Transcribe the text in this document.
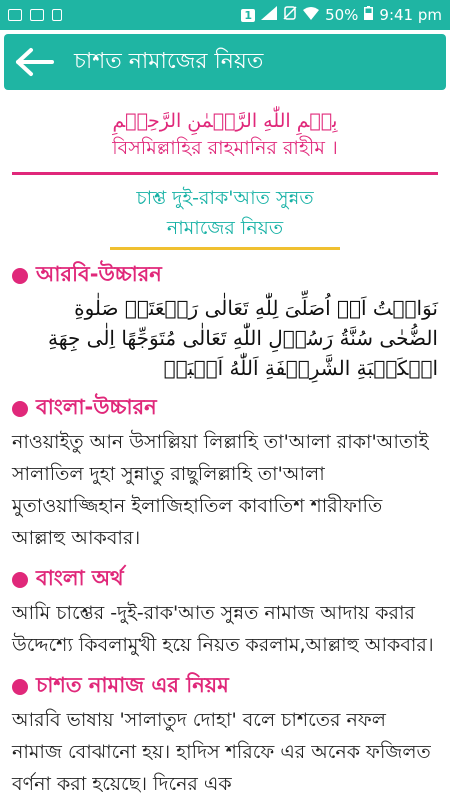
1	50% 9:41 pm
চাশত নামাজের নিয়ত
بِسۡمِ اللّٰهِ الرَّحۡمٰنِ الرَّحِیۡمِ
বিসমিল্লাহির রাহমানির রাহীম ।
চাশ্ত দুই-রাক'আত সুন্নত
নামাজের নিয়ত
আরবি-উচ্চারন
نَوَایۡتُ اَنۡ اُصَلِّیَ لِلّٰهِ تَعَالٰی رَکۡعَتَیۡ صَلٰوةِ الضُّحٰی سُنَّةُ رَسُوۡلِ اللّٰهِ تَعَالٰی مُتَوَجِّهًا اِلٰی جِهَةِ الۡکَعۡبَةِ الشَّرِیۡفَةِ اَللّٰهُ اَکۡبَرۡ
বাংলা-উচ্চারন
নাওয়াইতু আন উসাল্লিয়া লিল্লাহি তা'আলা রাকা'আতাই সালাতিল দুহা সুন্নাতু রাছুলিল্লাহি তা'আলা মুতাওয়াজ্জিহান ইলাজিহাতিল কাবাতিশ শারীফাতি আল্লাহু আকবার।
বাংলা অর্থ
আমি চাশ্তের -দুই-রাক'আত সুন্নত নামাজ আদায় করার উদ্দেশ্যে কিবলামুখী হয়ে নিয়ত করলাম,আল্লাহু আকবার।
চাশত নামাজ এর নিয়ম
আরবি ভাষায় 'সালাতুদ দোহা' বলে চাশতের নফল নামাজ বোঝানো হয়। হাদিস শরিফে এর অনেক ফজিলত বর্ণনা করা হয়েছে। দিনের এক
